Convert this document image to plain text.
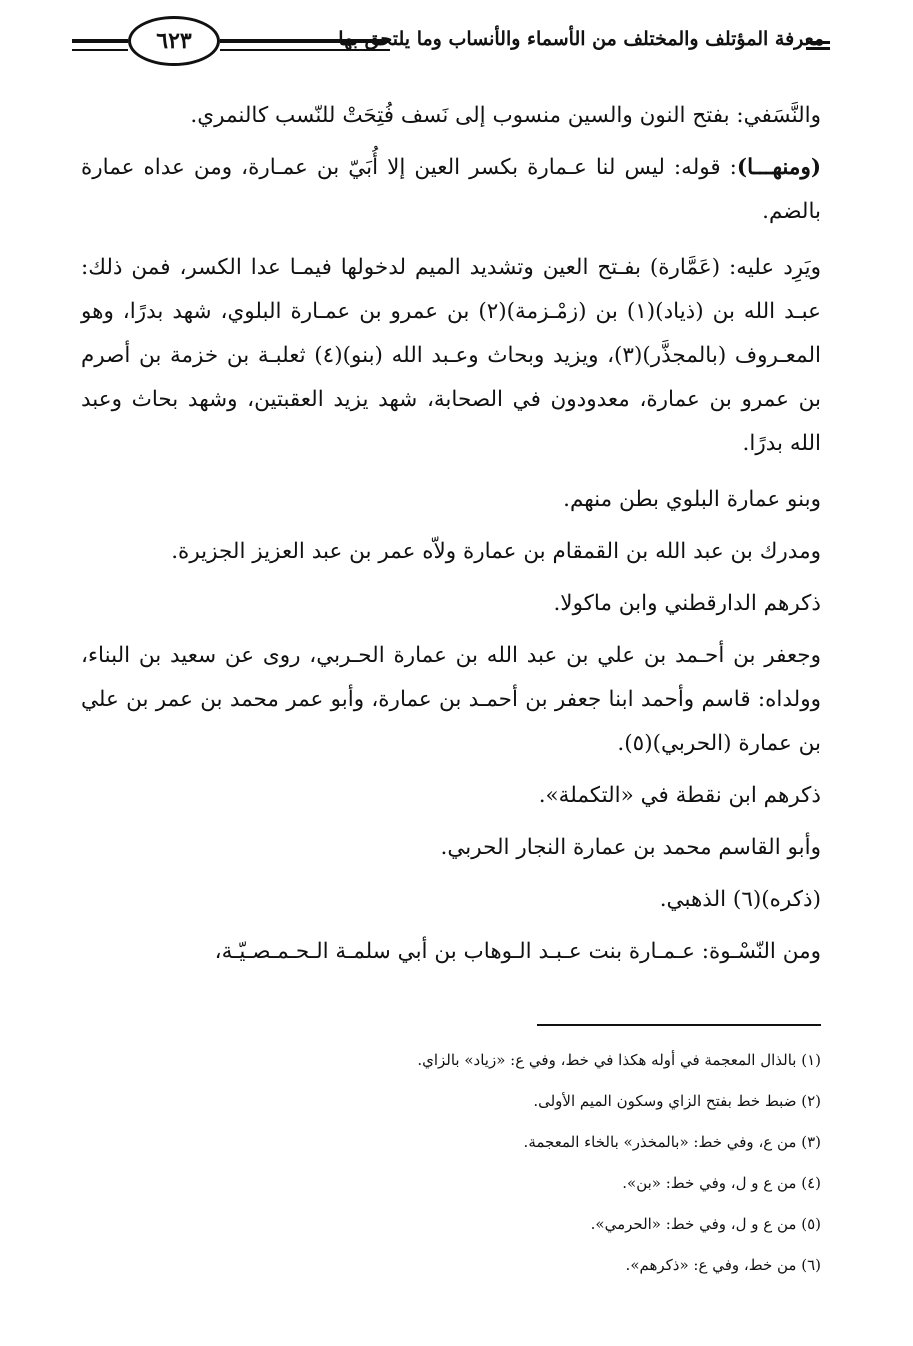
معرفة المؤتلف والمختلف من الأسماء والأنساب وما يلتحق بها
٦٢٣

والنَّسَفي: بفتح النون والسين منسوب إلى نَسف فُتِحَتْ للنّسب كالنمري.

(ومنهـــا): قوله: ليس لنا عـمارة بكسر العين إلا أُبَيّ بن عمـارة، ومن عداه عمارة بالضم.

ويَرِد عليه: (عَمَّارة) بفـتح العين وتشديد الميم لدخولها فيمـا عدا الكسر، فمن ذلك: عبـد الله بن (ذياد)(١) بن (زمْـزمة)(٢) بن عمرو بن عمـارة البلوي، شهد بدرًا، وهو المعـروف (بالمجذَّر)(٣)، ويزيد وبحاث وعـبد الله (بنو)(٤) ثعلبـة بن خزمة بن أصرم بن عمرو بن عمارة، معدودون في الصحابة، شهد يزيد العقبتين، وشهد بحاث وعبد الله بدرًا.

وبنو عمارة البلوي بطن منهم.

ومدرك بن عبد الله بن القمقام بن عمارة ولاّه عمر بن عبد العزيز الجزيرة.

ذكرهم الدارقطني وابن ماكولا.

وجعفر بن أحـمد بن علي بن عبد الله بن عمارة الحـربي، روى عن سعيد بن البناء، وولداه: قاسم وأحمد ابنا جعفر بن أحمـد بن عمارة، وأبو عمر محمد بن عمر بن علي بن عمارة (الحربي)(٥).

ذكرهم ابن نقطة في «التكملة».

وأبو القاسم محمد بن عمارة النجار الحربي.

(ذكره)(٦) الذهبي.

ومن النّسْـوة: عـمـارة بنت عـبـد الـوهاب بن أبي سلمـة الـحـمـصـيّـة،

(١) بالذال المعجمة في أوله هكذا في خط، وفي ع: «زياد» بالزاي.
(٢) ضبط خط بفتح الزاي وسكون الميم الأولى.
(٣) من ع، وفي خط: «بالمخذر» بالخاء المعجمة.
(٤) من ع و ل، وفي خط: «بن».
(٥) من ع و ل، وفي خط: «الحرمي».
(٦) من خط، وفي ع: «ذكرهم».
